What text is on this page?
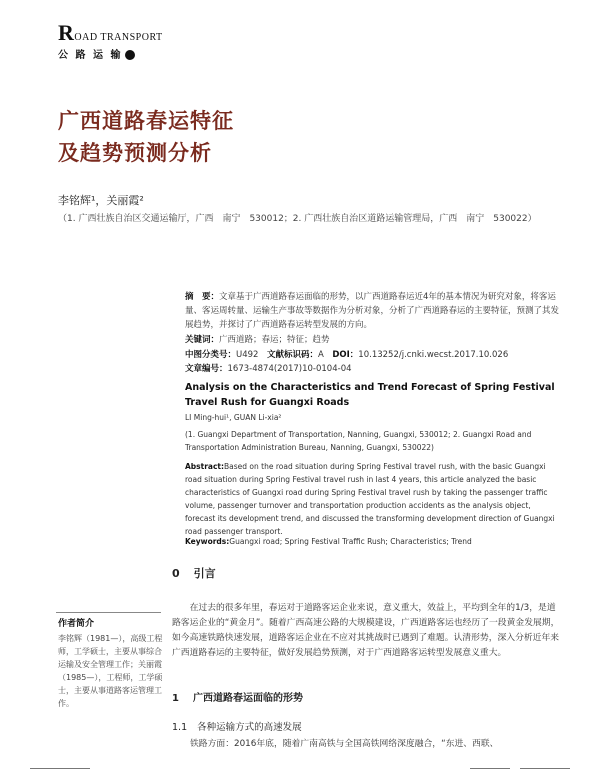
ROAD TRANSPORT
公 路 运 输
广西道路春运特征
及趋势预测分析
李铭辉¹，关丽霞²
（1. 广西壮族自治区交通运输厅，广西　南宁　530012；2. 广西壮族自治区道路运输管理局，广西　南宁　530022）
摘　要：文章基于广西道路春运面临的形势，以广西道路春运近4年的基本情况为研究对象，将客运量、客运周转量、运输生产事故等数据作为分析对象，分析了广西道路春运的主要特征，预测了其发展趋势，并探讨了广西道路春运转型发展的方向。
关键词：广西道路；春运；特征；趋势
中图分类号：U492　 文献标识码：A　 DOI：10.13252/j.cnki.wecst.2017.10.026
文章编号：1673-4874(2017)10-0104-04
Analysis on the Characteristics and Trend Forecast of Spring Festival Travel Rush for Guangxi Roads
LI Ming-hui¹, GUAN Li-xia²
(1. Guangxi Department of Transportation, Nanning, Guangxi, 530012; 2. Guangxi Road and Transportation Administration Bureau, Nanning, Guangxi, 530022)
Abstract:Based on the road situation during Spring Festival travel rush, with the basic Guangxi road situation during Spring Festival travel rush in last 4 years, this article analyzed the basic characteristics of Guangxi road during Spring Festival travel rush by taking the passenger traffic volume, passenger turnover and transportation production accidents as the analysis object, forecast its development trend, and discussed the transforming development direction of Guangxi road passenger transport.
Keywords:Guangxi road; Spring Festival Traffic Rush; Characteristics; Trend
0 引言
在过去的很多年里，春运对于道路客运企业来说，意义重大，效益上，平均到全年的1/3，是道路客运企业的“黄金月”。随着广西高速公路的大规模建设，广西道路客运也经历了一段黄金发展期，如今高速铁路快速发展，道路客运企业在不应对其挑战时已遇到了难题。认清形势，深入分析近年来广西道路春运的主要特征，做好发展趋势预测，对于广西道路客运转型发展意义重大。
作者简介
李铭辉（1981—），高级工程师，工学硕士，主要从事综合运输及安全管理工作；关丽霞（1985—），工程师，工学硕士，主要从事道路客运管理工作。	1 广西道路春运面临的形势
1.1 各种运输方式的高速发展
铁路方面：2016年底，随着广南高铁与全国高铁网络深度融合，“东进、西联、
